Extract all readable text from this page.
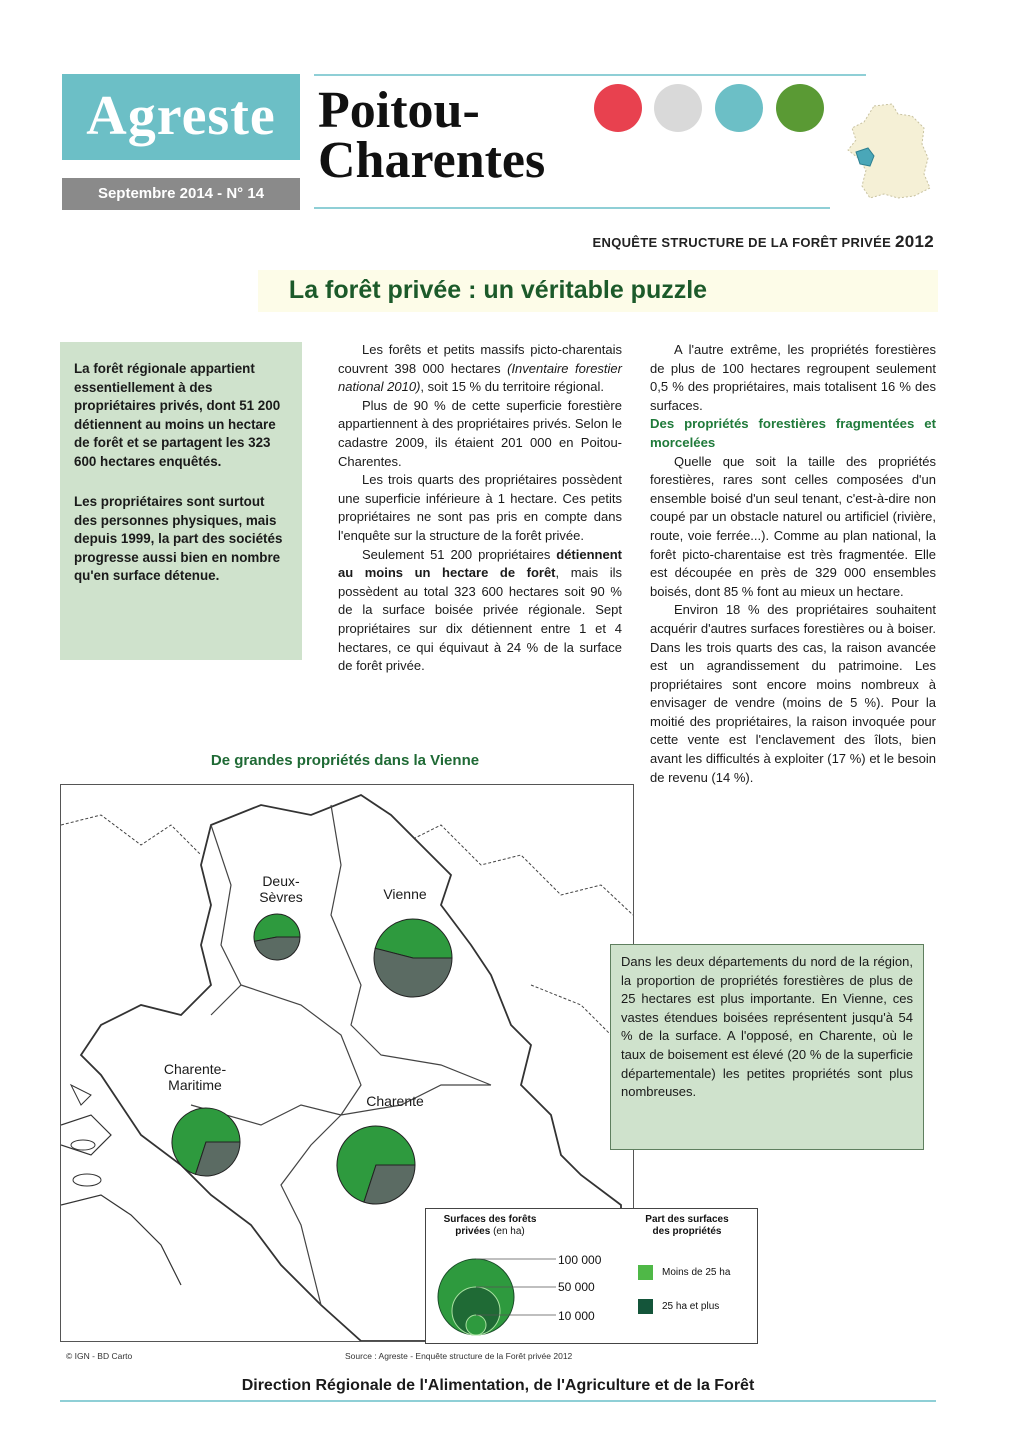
Agreste
Septembre 2014 - N° 14
Poitou-
Charentes
ENQUÊTE STRUCTURE DE LA FORÊT PRIVÉE 2012
La forêt privée : un véritable puzzle

La forêt régionale appartient essentiellement à des propriétaires privés, dont 51 200 détiennent au moins un hectare de forêt et se partagent les 323 600 hectares enquêtés.

Les propriétaires sont surtout des personnes physiques, mais depuis 1999, la part des sociétés progresse aussi bien en nombre qu'en surface détenue.

Les forêts et petits massifs picto-charentais couvrent 398 000 hectares (Inventaire forestier national 2010), soit 15 % du territoire régional.

Plus de 90 % de cette superficie forestière appartiennent à des propriétaires privés. Selon le cadastre 2009, ils étaient 201 000 en Poitou-Charentes.

Les trois quarts des propriétaires possèdent une superficie inférieure à 1 hectare. Ces petits propriétaires ne sont pas pris en compte dans l'enquête sur la structure de la forêt privée.

Seulement 51 200 propriétaires détiennent au moins un hectare de forêt, mais ils possèdent au total 323 600 hectares soit 90 % de la surface boisée privée régionale. Sept propriétaires sur dix détiennent entre 1 et 4 hectares, ce qui équivaut à 24 % de la surface de forêt privée.

A l'autre extrême, les propriétés forestières de plus de 100 hectares regroupent seulement 0,5 % des propriétaires, mais totalisent 16 % des surfaces.

Des propriétés forestières fragmentées et morcelées

Quelle que soit la taille des propriétés forestières, rares sont celles composées d'un ensemble boisé d'un seul tenant, c'est-à-dire non coupé par un obstacle naturel ou artificiel (rivière, route, voie ferrée...). Comme au plan national, la forêt picto-charentaise est très fragmentée. Elle est découpée en près de 329 000 ensembles boisés, dont 85 % font au mieux un hectare.

Environ 18 % des propriétaires souhaitent acquérir d'autres surfaces forestières ou à boiser. Dans les trois quarts des cas, la raison avancée est un agrandissement du patrimoine. Les propriétaires sont encore moins nombreux à envisager de vendre (moins de 5 %). Pour la moitié des propriétaires, la raison invoquée pour cette vente est l'enclavement des îlots, bien avant les difficultés à exploiter (17 %) et le besoin de revenu (14 %).

De grandes propriétés dans la Vienne
Deux-
Sèvres	Vienne
Charente-
Maritime
Charente
Surfaces des forêts
privées (en ha)
100 000
50 000
10 000
Part des surfaces
des propriétés
Moins de 25 ha
25 ha et plus

Dans les deux départements du nord de la région, la proportion de propriétés forestières de plus de 25 hectares est plus importante. En Vienne, ces vastes étendues boisées représentent jusqu'à 54 % de la surface. A l'opposé, en Charente, où le taux de boisement est élevé (20 % de la superficie départementale) les petites propriétés sont plus nombreuses.

© IGN - BD Carto	Source : Agreste - Enquête structure de la Forêt privée 2012
Direction Régionale de l'Alimentation, de l'Agriculture et de la Forêt
